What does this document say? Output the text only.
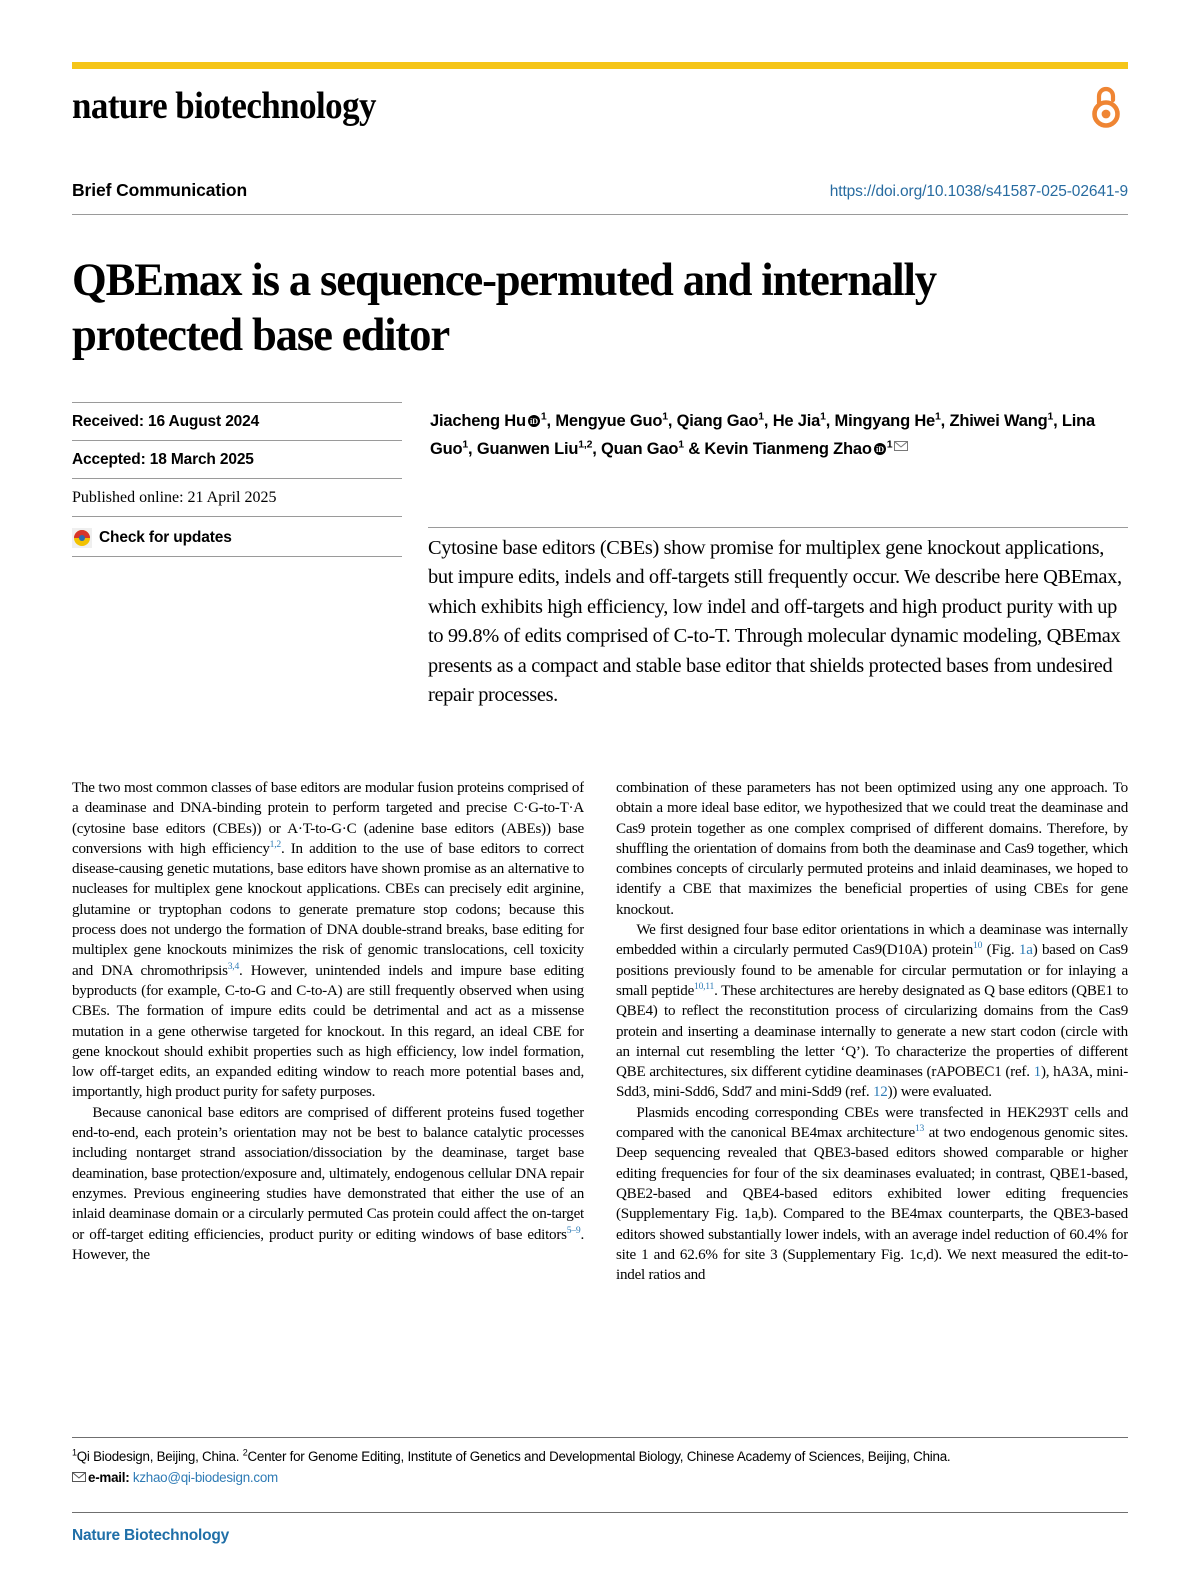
nature biotechnology
Brief Communication	https://doi.org/10.1038/s41587-025-02641-9
QBEmax is a sequence-permuted and internally protected base editor
Received: 16 August 2024
Accepted: 18 March 2025
Published online: 21 April 2025
Check for updates
Jiacheng Hu iD $^1$, Mengyue Guo$^1$, Qiang Gao$^1$, He Jia$^1$, Mingyang He$^1$, Zhiwei Wang$^1$, Lina Guo$^1$, Guanwen Liu$^{1,2}$, Quan Gao$^1$ & Kevin Tianmeng Zhao iD $^1$
Cytosine base editors (CBEs) show promise for multiplex gene knockout applications, but impure edits, indels and off-targets still frequently occur. We describe here QBEmax, which exhibits high efficiency, low indel and off-targets and high product purity with up to 99.8% of edits comprised of C-to-T. Through molecular dynamic modeling, QBEmax presents as a compact and stable base editor that shields protected bases from undesired repair processes.

The two most common classes of base editors are modular fusion proteins comprised of a deaminase and DNA-binding protein to perform targeted and precise C·G-to-T·A (cytosine base editors (CBEs)) or A·T-to-G·C (adenine base editors (ABEs)) base conversions with high efficiency$^{1,2}$. In addition to the use of base editors to correct disease-causing genetic mutations, base editors have shown promise as an alternative to nucleases for multiplex gene knockout applications. CBEs can precisely edit arginine, glutamine or tryptophan codons to generate premature stop codons; because this process does not undergo the formation of DNA double-strand breaks, base editing for multiplex gene knockouts minimizes the risk of genomic translocations, cell toxicity and DNA chromothripsis$^{3,4}$. However, unintended indels and impure base editing byproducts (for example, C-to-G and C-to-A) are still frequently observed when using CBEs. The formation of impure edits could be detrimental and act as a missense mutation in a gene otherwise targeted for knockout. In this regard, an ideal CBE for gene knockout should exhibit properties such as high efficiency, low indel formation, low off-target edits, an expanded editing window to reach more potential bases and, importantly, high product purity for safety purposes.

Because canonical base editors are comprised of different proteins fused together end-to-end, each protein’s orientation may not be best to balance catalytic processes including nontarget strand association/dissociation by the deaminase, target base deamination, base protection/exposure and, ultimately, endogenous cellular DNA repair enzymes. Previous engineering studies have demonstrated that either the use of an inlaid deaminase domain or a circularly permuted Cas protein could affect the on-target or off-target editing efficiencies, product purity or editing windows of base editors$^{5-9}$. However, the

combination of these parameters has not been optimized using any one approach. To obtain a more ideal base editor, we hypothesized that we could treat the deaminase and Cas9 protein together as one complex comprised of different domains. Therefore, by shuffling the orientation of domains from both the deaminase and Cas9 together, which combines concepts of circularly permuted proteins and inlaid deaminases, we hoped to identify a CBE that maximizes the beneficial properties of using CBEs for gene knockout.

We first designed four base editor orientations in which a deaminase was internally embedded within a circularly permuted Cas9(D10A) protein$^{10}$ (Fig. 1a) based on Cas9 positions previously found to be amenable for circular permutation or for inlaying a small peptide$^{10,11}$. These architectures are hereby designated as Q base editors (QBE1 to QBE4) to reflect the reconstitution process of circularizing domains from the Cas9 protein and inserting a deaminase internally to generate a new start codon (circle with an internal cut resembling the letter ‘Q’). To characterize the properties of different QBE architectures, six different cytidine deaminases (rAPOBEC1 (ref. 1), hA3A, mini-Sdd3, mini-Sdd6, Sdd7 and mini-Sdd9 (ref. 12)) were evaluated.

Plasmids encoding corresponding CBEs were transfected in HEK293T cells and compared with the canonical BE4max architecture$^{13}$ at two endogenous genomic sites. Deep sequencing revealed that QBE3-based editors showed comparable or higher editing frequencies for four of the six deaminases evaluated; in contrast, QBE1-based, QBE2-based and QBE4-based editors exhibited lower editing frequencies (Supplementary Fig. 1a,b). Compared to the BE4max counterparts, the QBE3-based editors showed substantially lower indels, with an average indel reduction of 60.4% for site 1 and 62.6% for site 3 (Supplementary Fig. 1c,d). We next measured the edit-to-indel ratios and

$^1$Qi Biodesign, Beijing, China. $^2$Center for Genome Editing, Institute of Genetics and Developmental Biology, Chinese Academy of Sciences, Beijing, China.
e-mail: kzhao@qi-biodesign.com
Nature Biotechnology
